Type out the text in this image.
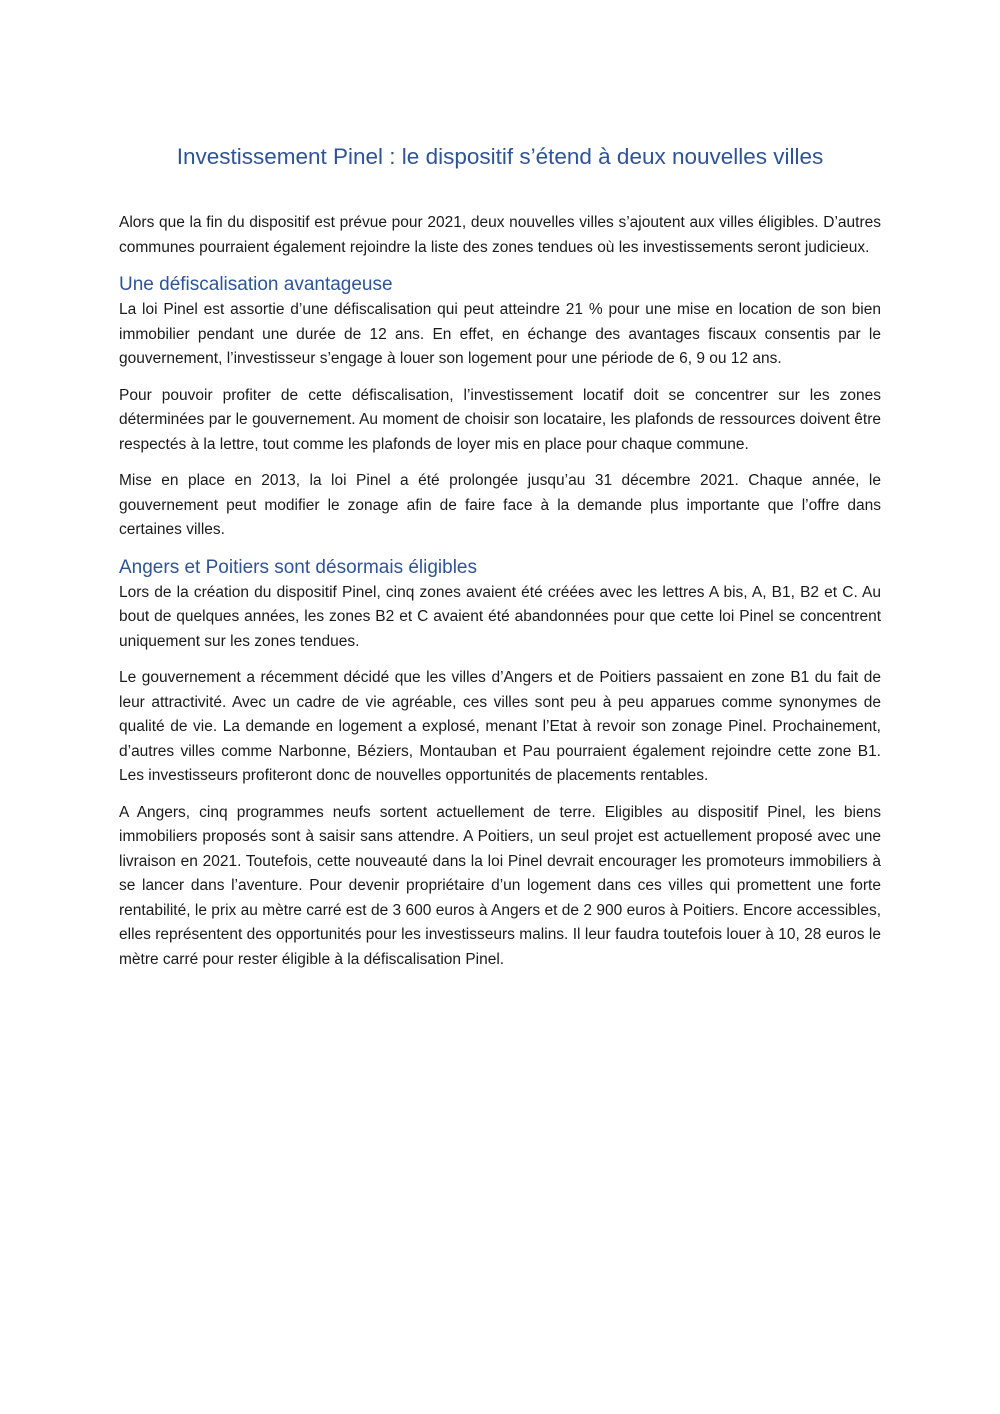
Investissement Pinel : le dispositif s’étend à deux nouvelles villes

Alors que la fin du dispositif est prévue pour 2021, deux nouvelles villes s’ajoutent aux villes éligibles. D’autres communes pourraient également rejoindre la liste des zones tendues où les investissements seront judicieux.

Une défiscalisation avantageuse

La loi Pinel est assortie d’une défiscalisation qui peut atteindre 21 % pour une mise en location de son bien immobilier pendant une durée de 12 ans. En effet, en échange des avantages fiscaux consentis par le gouvernement, l’investisseur s’engage à louer son logement pour une période de 6, 9 ou 12 ans.

Pour pouvoir profiter de cette défiscalisation, l’investissement locatif doit se concentrer sur les zones déterminées par le gouvernement. Au moment de choisir son locataire, les plafonds de ressources doivent être respectés à la lettre, tout comme les plafonds de loyer mis en place pour chaque commune.

Mise en place en 2013, la loi Pinel a été prolongée jusqu’au 31 décembre 2021. Chaque année, le gouvernement peut modifier le zonage afin de faire face à la demande plus importante que l’offre dans certaines villes.

Angers et Poitiers sont désormais éligibles

Lors de la création du dispositif Pinel, cinq zones avaient été créées avec les lettres A bis, A, B1, B2 et C. Au bout de quelques années, les zones B2 et C avaient été abandonnées pour que cette loi Pinel se concentrent uniquement sur les zones tendues.

Le gouvernement a récemment décidé que les villes d’Angers et de Poitiers passaient en zone B1 du fait de leur attractivité. Avec un cadre de vie agréable, ces villes sont peu à peu apparues comme synonymes de qualité de vie. La demande en logement a explosé, menant l’Etat à revoir son zonage Pinel. Prochainement, d’autres villes comme Narbonne, Béziers, Montauban et Pau pourraient également rejoindre cette zone B1. Les investisseurs profiteront donc de nouvelles opportunités de placements rentables.

A Angers, cinq programmes neufs sortent actuellement de terre. Eligibles au dispositif Pinel, les biens immobiliers proposés sont à saisir sans attendre. A Poitiers, un seul projet est actuellement proposé avec une livraison en 2021. Toutefois, cette nouveauté dans la loi Pinel devrait encourager les promoteurs immobiliers à se lancer dans l’aventure. Pour devenir propriétaire d’un logement dans ces villes qui promettent une forte rentabilité, le prix au mètre carré est de 3 600 euros à Angers et de 2 900 euros à Poitiers. Encore accessibles, elles représentent des opportunités pour les investisseurs malins. Il leur faudra toutefois louer à 10, 28 euros le mètre carré pour rester éligible à la défiscalisation Pinel.
